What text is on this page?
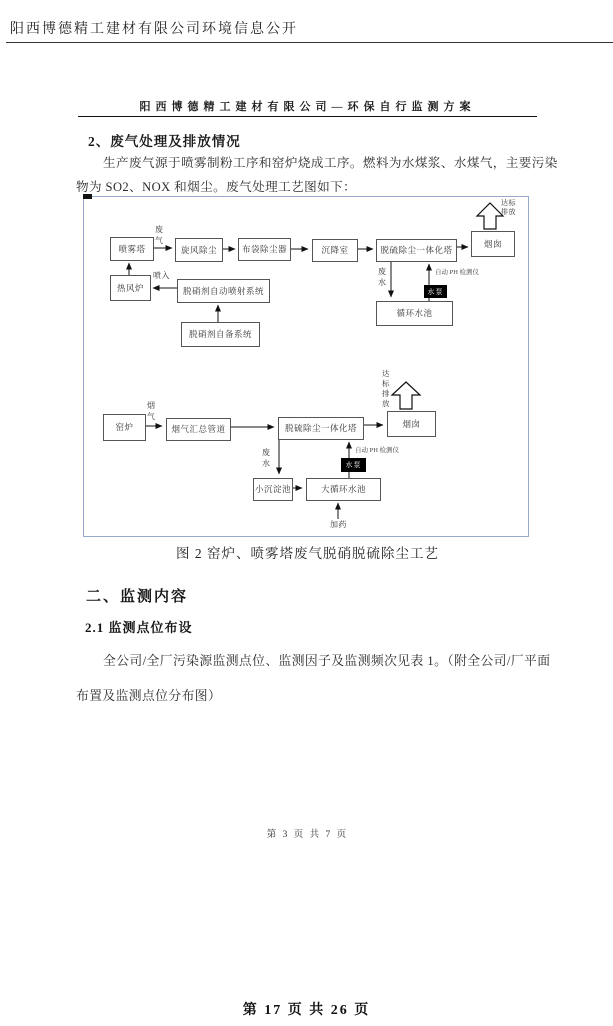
阳西博德精工建材有限公司环境信息公开
阳西博德精工建材有限公司—环保自行监测方案
2、废气处理及排放情况
生产废气源于喷雾制粉工序和窑炉烧成工序。燃料为水煤浆、水煤气，主要污染
物为 SO2、NOX 和烟尘。废气处理工艺图如下：
喷雾塔
废气
旋风除尘	布袋除尘器	沉降室	脱硫除尘一体化塔
烟囱
达标排放
热风炉
喷入
脱硝剂自动喷射系统
脱硝剂自备系统
废水
自动 PH 检测仪
水泵
循环水池
窑炉
烟气
烟气汇总管道	脱硫除尘一体化塔	烟囱
达标排放
废水
自动 PH 检测仪
水泵
小沉淀池	大循环水池
加药
图 2 窑炉、喷雾塔废气脱硝脱硫除尘工艺
二、监测内容
2.1 监测点位布设
全公司/全厂污染源监测点位、监测因子及监测频次见表 1。（附全公司/厂平面
布置及监测点位分布图）
第 3 页 共 7 页
第 17 页 共 26 页
